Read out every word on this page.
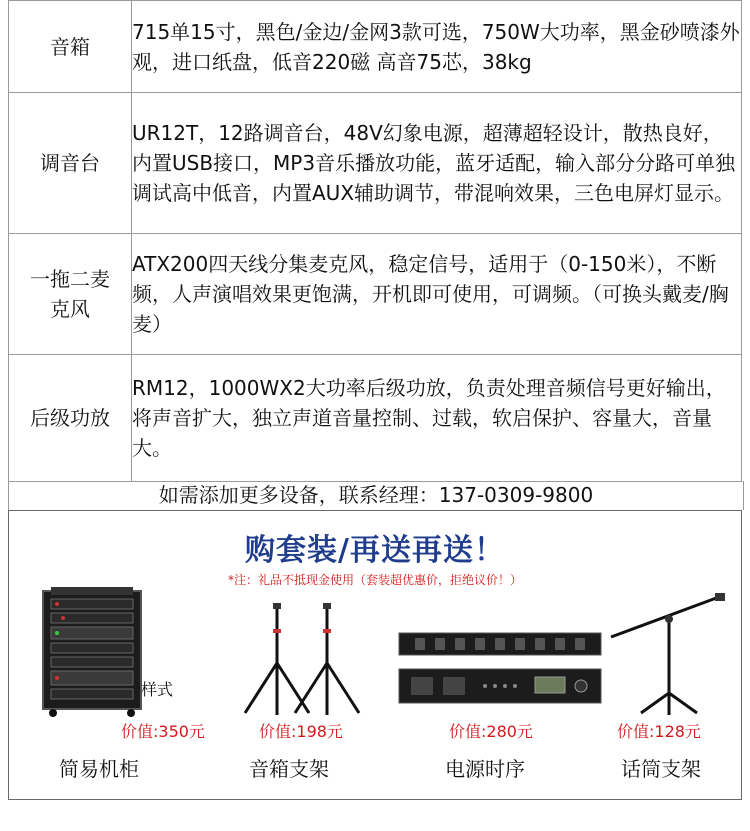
音箱	715单15寸，黑色/金边/金网3款可选，750W大功率，黑金砂喷漆外观，进口纸盘，低音220磁 高音75芯，38kg
调音台	UR12T，12路调音台，48V幻象电源，超薄超轻设计，散热良好，内置USB接口，MP3音乐播放功能，蓝牙适配，输入部分分路可单独调试高中低音，内置AUX辅助调节，带混响效果，三色电屏灯显示。
一拖二麦克风	ATX200四天线分集麦克风，稳定信号，适用于（0-150米），不断频，人声演唱效果更饱满，开机即可使用，可调频。（可换头戴麦/胸麦）
后级功放	RM12，1000WX2大功率后级功放，负责处理音频信号更好输出，将声音扩大，独立声道音量控制、过载，软启保护、容量大，音量大。
如需添加更多设备，联系经理：137-0309-9800
购套装/再送再送！
*注：礼品不抵现金使用（套装超优惠价，拒绝议价！）
样式
价值:350元
简易机柜
价值:198元
音箱支架
价值:280元
电源时序
价值:128元
话筒支架
